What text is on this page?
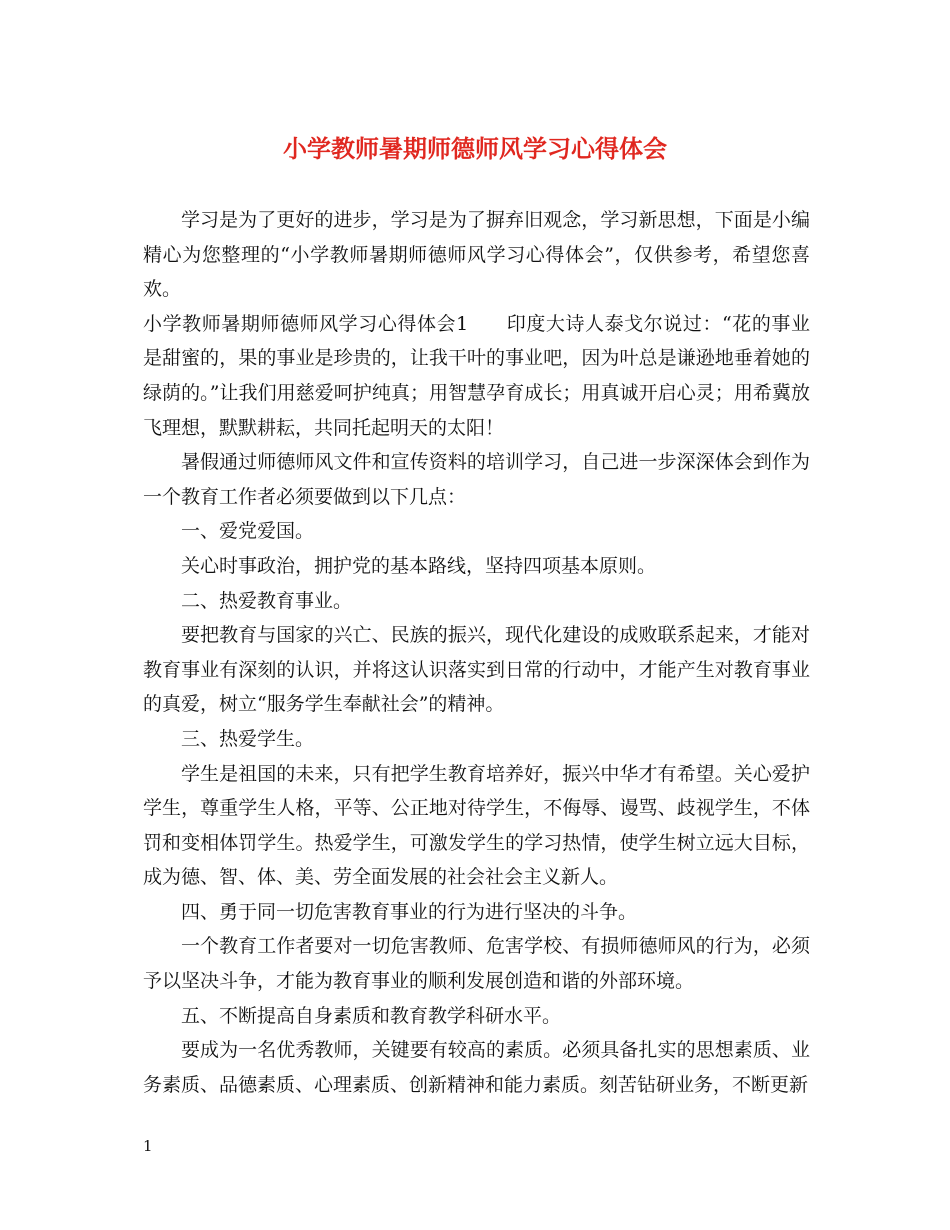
小学教师暑期师德师风学习心得体会

学习是为了更好的进步，学习是为了摒弃旧观念，学习新思想，下面是小编精心为您整理的“小学教师暑期师德师风学习心得体会”，仅供参考，希望您喜欢。

小学教师暑期师德师风学习心得体会1 印度大诗人泰戈尔说过：“花的事业是甜蜜的，果的事业是珍贵的，让我干叶的事业吧，因为叶总是谦逊地垂着她的绿荫的。”让我们用慈爱呵护纯真；用智慧孕育成长；用真诚开启心灵；用希冀放飞理想，默默耕耘，共同托起明天的太阳！

暑假通过师德师风文件和宣传资料的培训学习，自己进一步深深体会到作为一个教育工作者必须要做到以下几点：

一、爱党爱国。

关心时事政治，拥护党的基本路线，坚持四项基本原则。

二、热爱教育事业。

要把教育与国家的兴亡、民族的振兴，现代化建设的成败联系起来，才能对教育事业有深刻的认识，并将这认识落实到日常的行动中，才能产生对教育事业的真爱，树立“服务学生奉献社会”的精神。

三、热爱学生。

学生是祖国的未来，只有把学生教育培养好，振兴中华才有希望。关心爱护学生，尊重学生人格，平等、公正地对待学生，不侮辱、谩骂、歧视学生，不体罚和变相体罚学生。热爱学生，可激发学生的学习热情，使学生树立远大目标，成为德、智、体、美、劳全面发展的社会社会主义新人。

四、勇于同一切危害教育事业的行为进行坚决的斗争。

一个教育工作者要对一切危害教师、危害学校、有损师德师风的行为，必须予以坚决斗争，才能为教育事业的顺利发展创造和谐的外部环境。

五、不断提高自身素质和教育教学科研水平。

要成为一名优秀教师，关键要有较高的素质。必须具备扎实的思想素质、业务素质、品德素质、心理素质、创新精神和能力素质。刻苦钻研业务，不断更新

1
